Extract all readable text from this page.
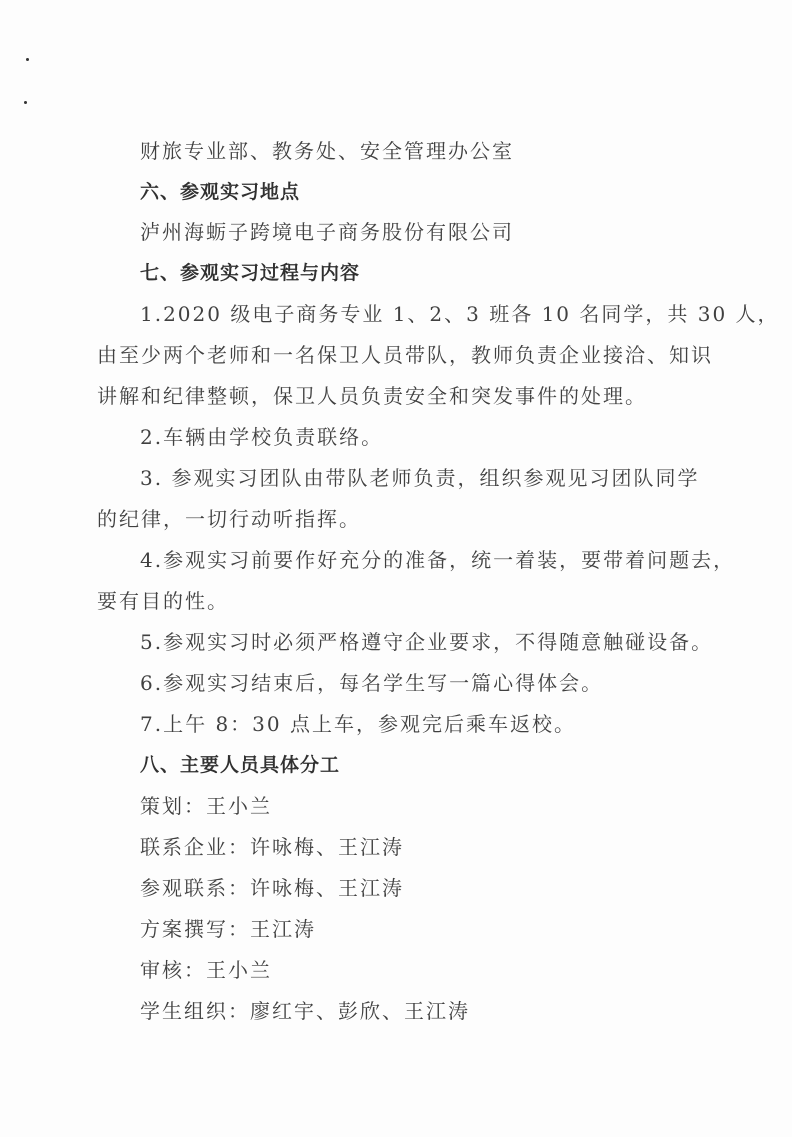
财旅专业部、教务处、安全管理办公室
六、参观实习地点
泸州海蛎子跨境电子商务股份有限公司
七、参观实习过程与内容
1.2020 级电子商务专业 1、2、3 班各 10 名同学，共 30 人，
由至少两个老师和一名保卫人员带队，教师负责企业接洽、知识
讲解和纪律整顿，保卫人员负责安全和突发事件的处理。
2.车辆由学校负责联络。
3. 参观实习团队由带队老师负责，组织参观见习团队同学
的纪律，一切行动听指挥。
4.参观实习前要作好充分的准备，统一着装，要带着问题去，
要有目的性。
5.参观实习时必须严格遵守企业要求，不得随意触碰设备。
6.参观实习结束后，每名学生写一篇心得体会。
7.上午 8：30 点上车，参观完后乘车返校。
八、主要人员具体分工
策划：王小兰
联系企业：许咏梅、王江涛
参观联系：许咏梅、王江涛
方案撰写：王江涛
审核：王小兰
学生组织：廖红宇、彭欣、王江涛
